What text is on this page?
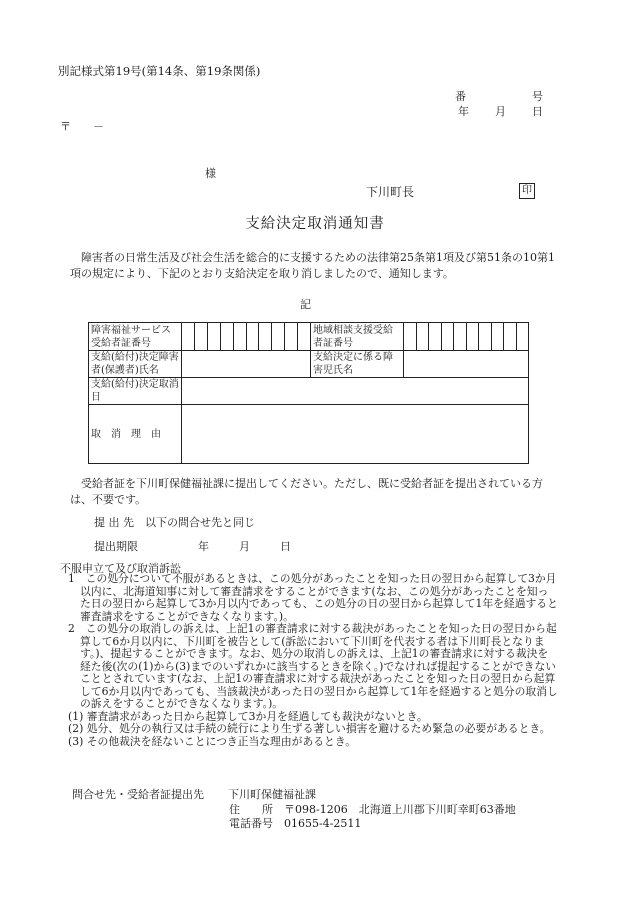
別記様式第19号(第14条、第19条関係)
番　　　　　　号
年 月 日
〒　　－
様
下川町長	印
支給決定取消通知書
障害者の日常生活及び社会生活を総合的に支援するための法律第25条第1項及び第51条の10第1項の規定により、下記のとおり支給決定を取り消しましたので、通知します。
記
障害福祉サービス受給者証番号		地域相談支援受給者証番号	

支給(給付)決定障害者(保護者)氏名		支給決定に係る障害児氏名	
支給(給付)決定取消日			
取　消　理　由			
受給者証を下川町保健福祉課に提出してください。ただし、既に受給者証を提出されている方は、不要です。
提 出 先　以下の問合せ先と同じ
提出期限	年	月	日
不服申立て及び取消訴訟

1　この処分について不服があるときは、この処分があったことを知った日の翌日から起算して3か月以内に、北海道知事に対して審査請求をすることができます(なお、この処分があったことを知った日の翌日から起算して3か月以内であっても、この処分の日の翌日から起算して1年を経過すると審査請求をすることができなくなります。)。

2　この処分の取消しの訴えは、上記1の審査請求に対する裁決があったことを知った日の翌日から起算して6か月以内に、下川町を被告として(訴訟において下川町を代表する者は下川町長となります。)、提起することができます。なお、処分の取消しの訴えは、上記1の審査請求に対する裁決を経た後(次の(1)から(3)までのいずれかに該当するときを除く。)でなければ提起することができないこととされています(なお、上記1の審査請求に対する裁決があったことを知った日の翌日から起算して6か月以内であっても、当該裁決があった日の翌日から起算して1年を経過すると処分の取消しの訴えをすることができなくなります。)。

(1) 審査請求があった日から起算して3か月を経過しても裁決がないとき。

(2) 処分、処分の執行又は手続の続行により生ずる著しい損害を避けるため緊急の必要があるとき。

(3) その他裁決を経ないことにつき正当な理由があるとき。

問合せ先・受給者証提出先 下川町保健福祉課
住　　所　〒098-1206　北海道上川郡下川町幸町63番地
電話番号　01655-4-2511
